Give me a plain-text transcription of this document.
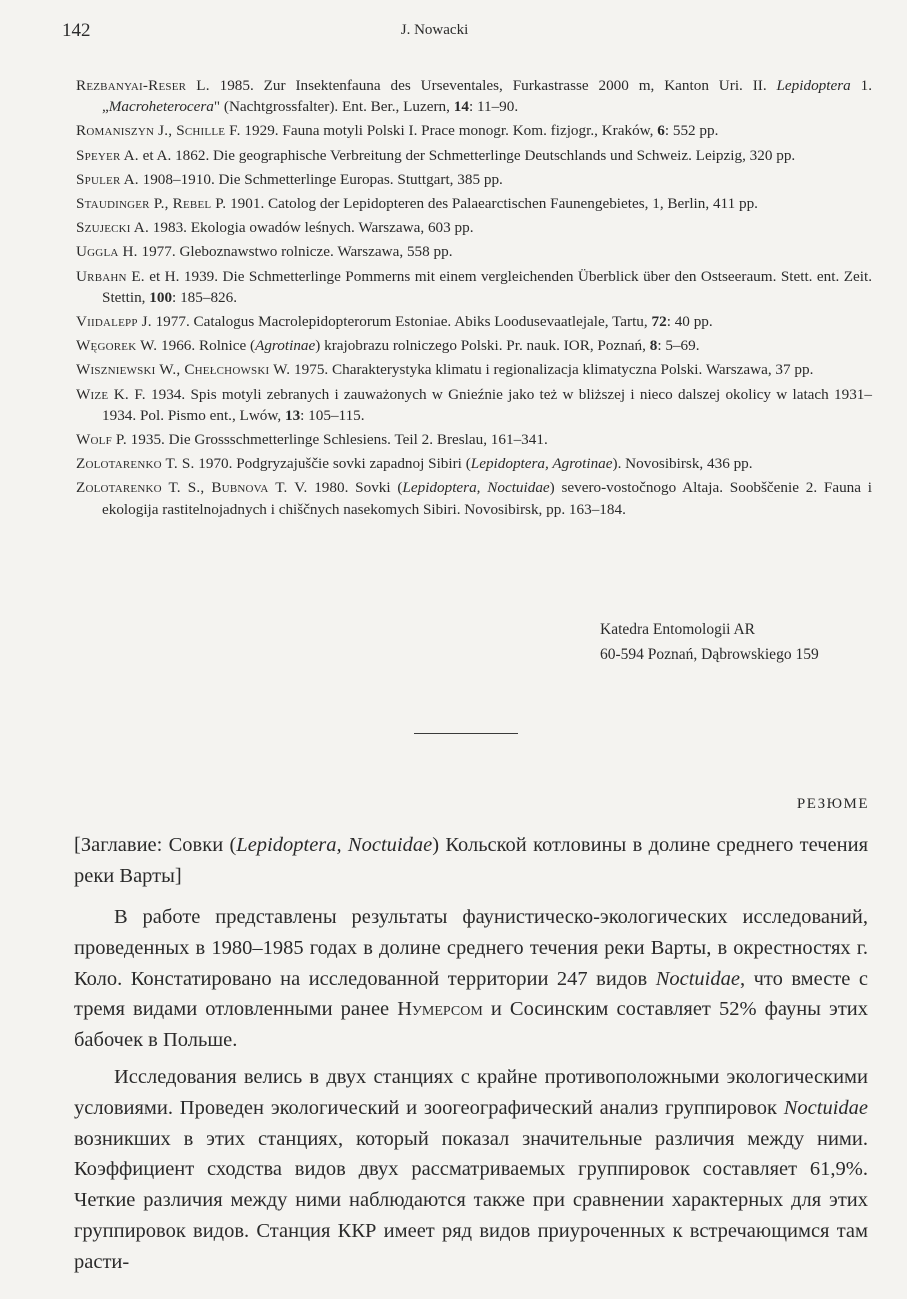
142	J. Nowacki

Rezbanyai-Reser L. 1985. Zur Insektenfauna des Urseventales, Furkastrasse 2000 m, Kanton Uri. II. Lepidoptera 1. „Macroheterocera" (Nachtgrossfalter). Ent. Ber., Luzern, 14: 11–90.

Romaniszyn J., Schille F. 1929. Fauna motyli Polski I. Prace monogr. Kom. fizjogr., Kraków, 6: 552 pp.

Speyer A. et A. 1862. Die geographische Verbreitung der Schmetterlinge Deutschlands und Schweiz. Leipzig, 320 pp.

Spuler A. 1908–1910. Die Schmetterlinge Europas. Stuttgart, 385 pp.

Staudinger P., Rebel P. 1901. Catolog der Lepidopteren des Palaearctischen Faunengebietes, 1, Berlin, 411 pp.

Szujecki A. 1983. Ekologia owadów leśnych. Warszawa, 603 pp.

Uggla H. 1977. Gleboznawstwo rolnicze. Warszawa, 558 pp.

Urbahn E. et H. 1939. Die Schmetterlinge Pommerns mit einem vergleichenden Überblick über den Ostseeraum. Stett. ent. Zeit. Stettin, 100: 185–826.

Viidalepp J. 1977. Catalogus Macrolepidopterorum Estoniae. Abiks Loodusevaatlejale, Tartu, 72: 40 pp.

Węgorek W. 1966. Rolnice (Agrotinae) krajobrazu rolniczego Polski. Pr. nauk. IOR, Poznań, 8: 5–69.

Wiszniewski W., Chełchowski W. 1975. Charakterystyka klimatu i regionalizacja klimatyczna Polski. Warszawa, 37 pp.

Wize K. F. 1934. Spis motyli zebranych i zauważonych w Gnieźnie jako też w bliższej i nieco dalszej okolicy w latach 1931–1934. Pol. Pismo ent., Lwów, 13: 105–115.

Wolf P. 1935. Die Grossschmetterlinge Schlesiens. Teil 2. Breslau, 161–341.

Zolotarenko T. S. 1970. Podgryzajuščie sovki zapadnoj Sibiri (Lepidoptera, Agrotinae). Novosibirsk, 436 pp.

Zolotarenko T. S., Bubnova T. V. 1980. Sovki (Lepidoptera, Noctuidae) severo-vostočnogo Altaja. Soobščenie 2. Fauna i ekologija rastitelnojadnych i chiščnych nasekomych Sibiri. Novosibirsk, pp. 163–184.

Katedra Entomologii AR
60-594 Poznań, Dąbrowskiego 159
РЕЗЮМЕ
[Заглавие: Совки (Lepidoptera, Noctuidae) Кольской котловины в долине среднего течения реки Варты]

В работе представлены результаты фаунистическо-экологических исследований, проведенных в 1980–1985 годах в долине среднего течения реки Варты, в окрестностях г. Коло. Констатировано на исследованной территории 247 видов Noctuidae, что вместе с тремя видами отловленными ранее Нумерсом и Сосинским составляет 52% фауны этих бабочек в Польше.

Исследования велись в двух станциях с крайне противоположными экологическими условиями. Проведен экологический и зоогеографический анализ группировок Noctuidae возникших в этих станциях, который показал значительные различия между ними. Коэффициент сходства видов двух рассматриваемых группировок составляет 61,9%. Четкие различия между ними наблюдаются также при сравнении характерных для этих группировок видов. Станция ККР имеет ряд видов приуроченных к встречающимся там расти-
